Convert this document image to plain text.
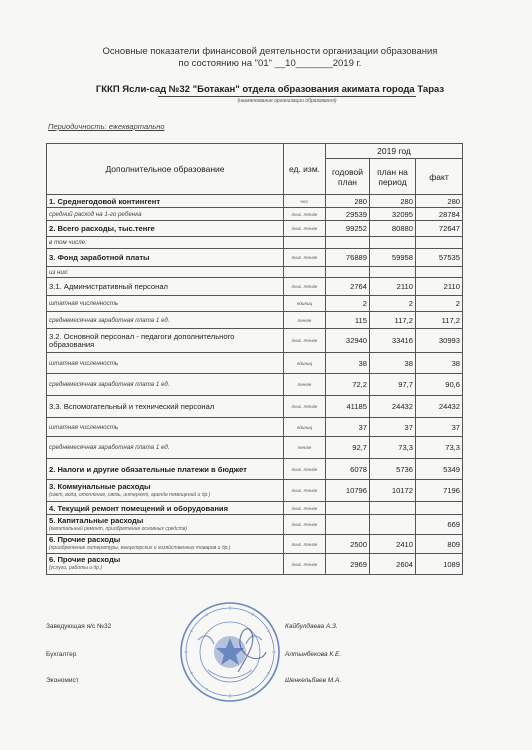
Основные показатели финансовой деятельности организации образования
по состоянию на "01" __10_______2019 г.
ГККП Ясли-сад №32 "Ботакан" отдела образования акимата города Тараз
(наименование организации образования)
Периодичность: ежеквартально
Дополнительное образование	ед. изм.	2019 год		
		годовой план	план на период	факт
1. Среднегодовой контингент	чел.	280	280	280
средний расход на 1-го ребенка	тыс. тенге	29539	32095	28784
2. Всего расходы, тыс.тенге	тыс. тенге	99252	80880	72647
в том числе:				
3. Фонд заработной платы	тыс. тенге	76889	59958	57535
из них:				
3.1. Административный персонал	тыс. тенге	2764	2110	2110
штатная численность	единиц	2	2	2
среднемесячная заработная плата 1 ед.	тенге	115	117,2	117,2
3.2. Основной персонал - педагоги дополнительного образования	тыс. тенге	32940	33416	30993
штатная численность	единиц	38	38	38
среднемесячная заработная плата 1 ед.	тенге	72,2	97,7	90,6
3.3. Вспомогательный и технический персонал	тыс. тенге	41185	24432	24432
штатная численность	единиц	37	37	37
среднемесячная заработная плата 1 ед.	тенге	92,7	73,3	73,3
2. Налоги и другие обязательные платежи в бюджет	тыс. тенге	6078	5736	5349
3. Коммунальные расходы
(свет, вода, отопление, связь, интернет, аренда помещений и др.)	тыс. тенге	10796	10172	7196
4. Текущий ремонт помещений и оборудования	тыс. тенге			
5. Капитальные расходы
(капитальный ремонт, приобретение основных средств)	тыс. тенге			669
6. Прочие расходы
(приобретение литературы, канцелярских и хозяйственных товаров и др.)	тыс. тенге	2500	2410	809
6. Прочие расходы
(услуги, работы и др.)	тыс. тенге	2969	2604	1089
Заведующая я/с №32	Кайбулдаева А.З.
Бухгалтер	Алтынбекова К.Е.
Экономист	Шенкельбаев М.А.
